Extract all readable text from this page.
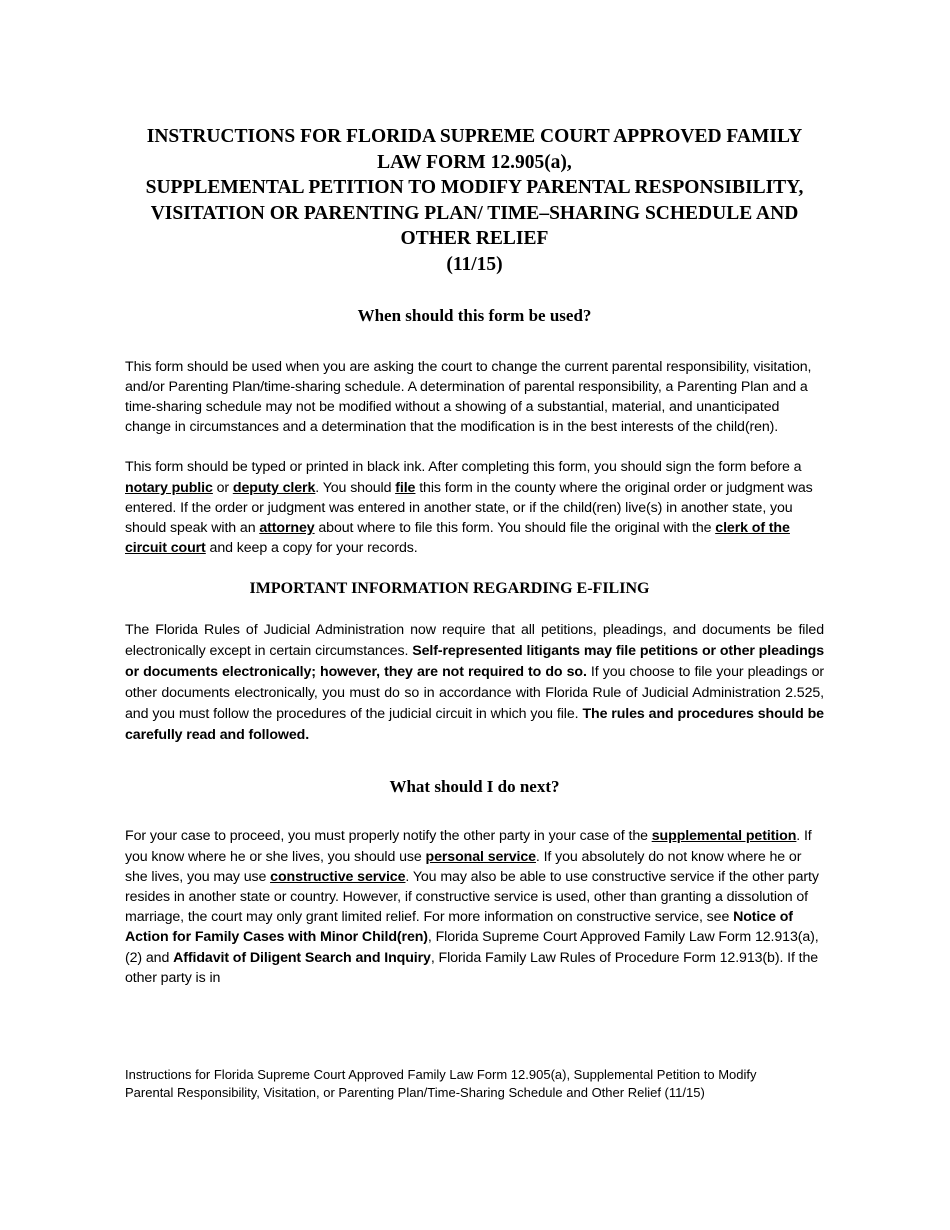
INSTRUCTIONS FOR FLORIDA SUPREME COURT APPROVED FAMILY
LAW FORM 12.905(a),
SUPPLEMENTAL PETITION TO MODIFY PARENTAL RESPONSIBILITY,
VISITATION OR PARENTING PLAN/ TIME–SHARING SCHEDULE AND
OTHER RELIEF
(11/15)
When should this form be used?

This form should be used when you are asking the court to change the current parental responsibility, visitation, and/or Parenting Plan/time-sharing schedule. A determination of parental responsibility, a Parenting Plan and a time-sharing schedule may not be modified without a showing of a substantial, material, and unanticipated change in circumstances and a determination that the modification is in the best interests of the child(ren).

This form should be typed or printed in black ink. After completing this form, you should sign the form before a notary public or deputy clerk. You should file this form in the county where the original order or judgment was entered. If the order or judgment was entered in another state, or if the child(ren) live(s) in another state, you should speak with an attorney about where to file this form. You should file the original with the clerk of the circuit court and keep a copy for your records.

IMPORTANT INFORMATION REGARDING E-FILING

The Florida Rules of Judicial Administration now require that all petitions, pleadings, and documents be filed electronically except in certain circumstances. Self-represented litigants may file petitions or other pleadings or documents electronically; however, they are not required to do so. If you choose to file your pleadings or other documents electronically, you must do so in accordance with Florida Rule of Judicial Administration 2.525, and you must follow the procedures of the judicial circuit in which you file. The rules and procedures should be carefully read and followed.

What should I do next?

For your case to proceed, you must properly notify the other party in your case of the supplemental petition. If you know where he or she lives, you should use personal service. If you absolutely do not know where he or she lives, you may use constructive service. You may also be able to use constructive service if the other party resides in another state or country. However, if constructive service is used, other than granting a dissolution of marriage, the court may only grant limited relief. For more information on constructive service, see Notice of Action for Family Cases with Minor Child(ren), Florida Supreme Court Approved Family Law Form 12.913(a),(2) and Affidavit of Diligent Search and Inquiry, Florida Family Law Rules of Procedure Form 12.913(b). If the other party is in

Instructions for Florida Supreme Court Approved Family Law Form 12.905(a), Supplemental Petition to Modify
Parental Responsibility, Visitation, or Parenting Plan/Time-Sharing Schedule and Other Relief (11/15)
